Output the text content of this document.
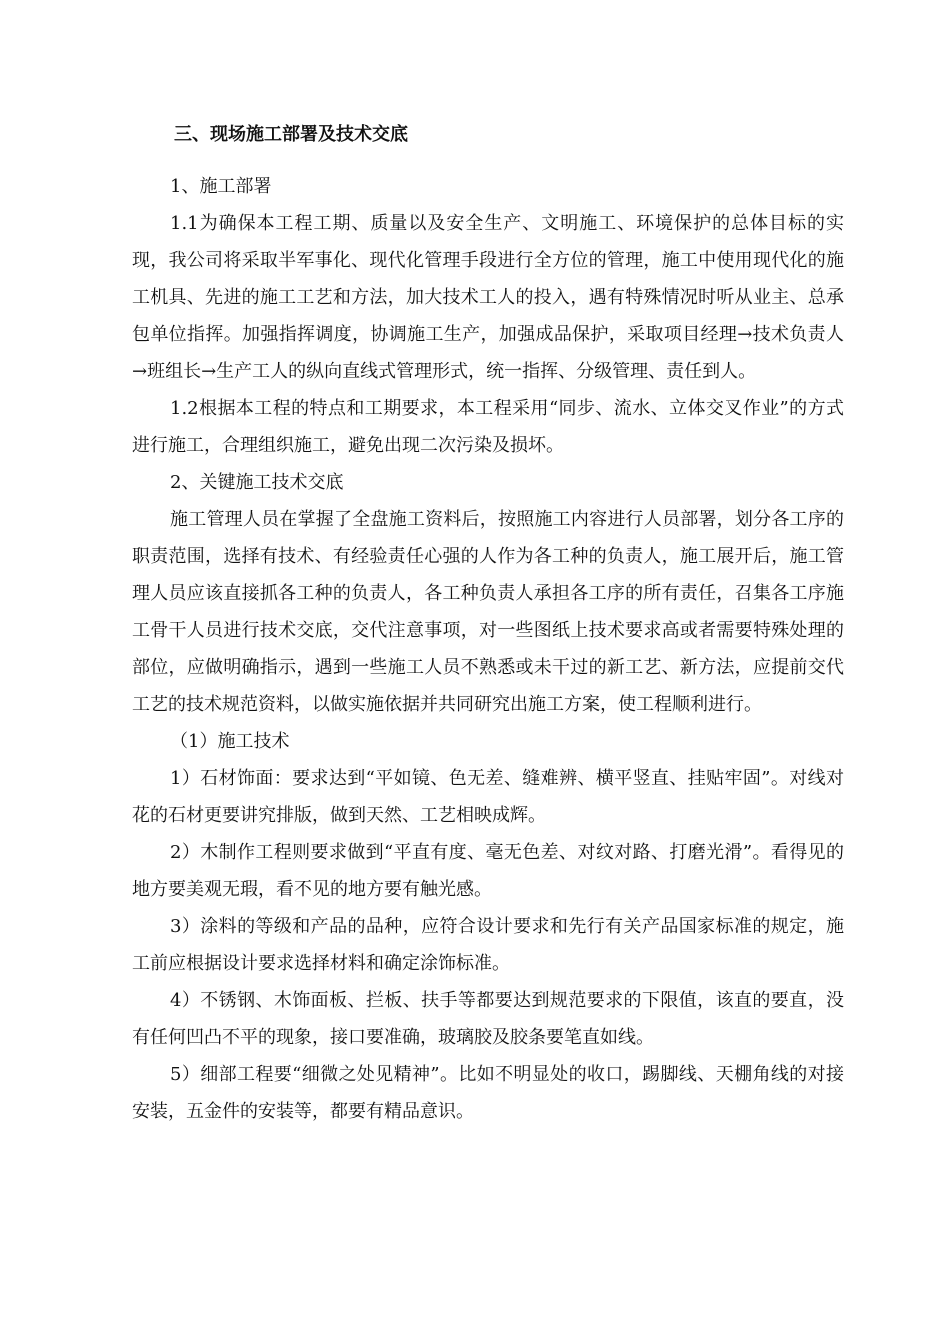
三、现场施工部署及技术交底

1、施工部署

1.1为确保本工程工期、质量以及安全生产、文明施工、环境保护的总体目标的实现，我公司将采取半军事化、现代化管理手段进行全方位的管理，施工中使用现代化的施工机具、先进的施工工艺和方法，加大技术工人的投入，遇有特殊情况时听从业主、总承包单位指挥。加强指挥调度，协调施工生产，加强成品保护，采取项目经理→技术负责人→班组长→生产工人的纵向直线式管理形式，统一指挥、分级管理、责任到人。

1.2根据本工程的特点和工期要求，本工程采用“同步、流水、立体交叉作业”的方式进行施工，合理组织施工，避免出现二次污染及损坏。

2、关键施工技术交底

施工管理人员在掌握了全盘施工资料后，按照施工内容进行人员部署，划分各工序的职责范围，选择有技术、有经验责任心强的人作为各工种的负责人，施工展开后，施工管理人员应该直接抓各工种的负责人，各工种负责人承担各工序的所有责任，召集各工序施工骨干人员进行技术交底，交代注意事项，对一些图纸上技术要求高或者需要特殊处理的部位，应做明确指示，遇到一些施工人员不熟悉或未干过的新工艺、新方法，应提前交代工艺的技术规范资料，以做实施依据并共同研究出施工方案，使工程顺利进行。

（1）施工技术

1）石材饰面：要求达到“平如镜、色无差、缝难辨、横平竖直、挂贴牢固”。对线对花的石材更要讲究排版，做到天然、工艺相映成辉。

2）木制作工程则要求做到“平直有度、毫无色差、对纹对路、打磨光滑”。看得见的地方要美观无瑕，看不见的地方要有触光感。

3）涂料的等级和产品的品种，应符合设计要求和先行有关产品国家标准的规定，施工前应根据设计要求选择材料和确定涂饰标准。

4）不锈钢、木饰面板、拦板、扶手等都要达到规范要求的下限值，该直的要直，没有任何凹凸不平的现象，接口要准确，玻璃胶及胶条要笔直如线。

5）细部工程要“细微之处见精神”。比如不明显处的收口，踢脚线、天棚角线的对接安装，五金件的安装等，都要有精品意识。
